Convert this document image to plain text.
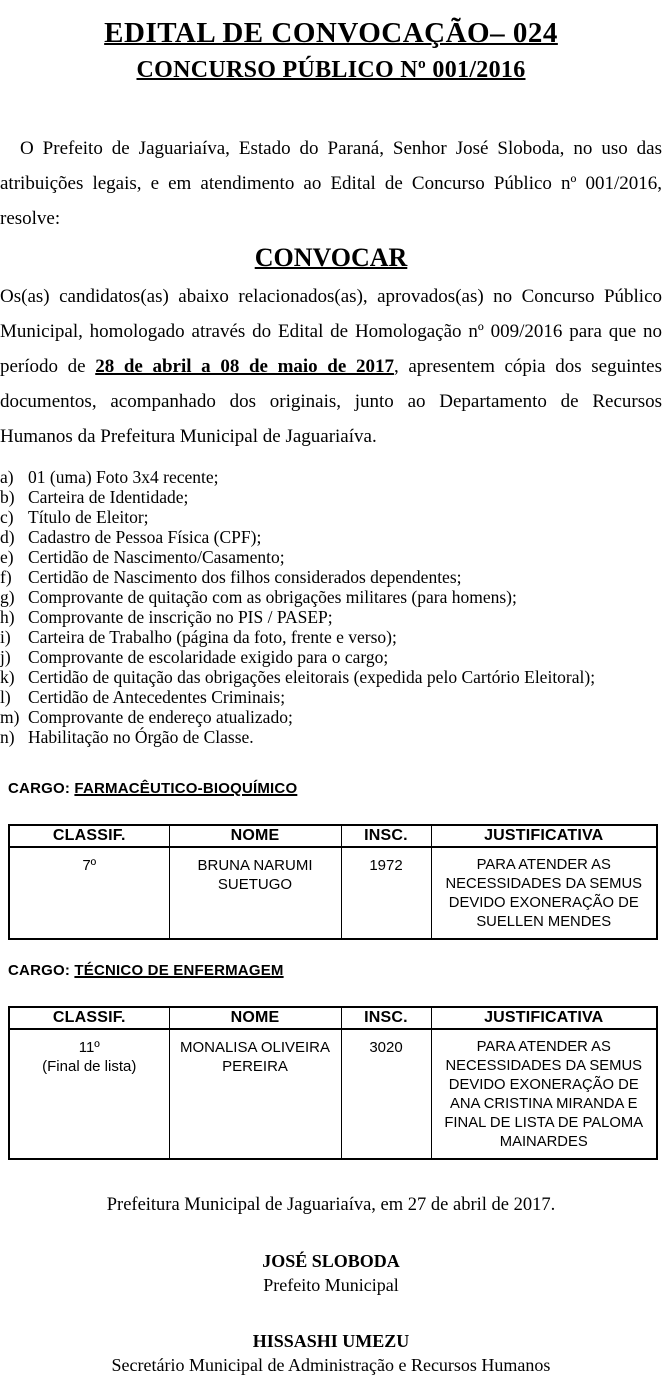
EDITAL DE CONVOCAÇÃO– 024
CONCURSO PÚBLICO Nº 001/2016

O Prefeito de Jaguariaíva, Estado do Paraná, Senhor José Sloboda, no uso das atribuições legais, e em atendimento ao Edital de Concurso Público nº 001/2016, resolve:

CONVOCAR

Os(as) candidatos(as) abaixo relacionados(as), aprovados(as) no Concurso Público Municipal, homologado através do Edital de Homologação nº 009/2016 para que no período de 28 de abril a 08 de maio de 2017, apresentem cópia dos seguintes documentos, acompanhado dos originais, junto ao Departamento de Recursos Humanos da Prefeitura Municipal de Jaguariaíva.

a) 01 (uma) Foto 3x4 recente;
b) Carteira de Identidade;
c) Título de Eleitor;
d) Cadastro de Pessoa Física (CPF);
e) Certidão de Nascimento/Casamento;
f) Certidão de Nascimento dos filhos considerados dependentes;
g) Comprovante de quitação com as obrigações militares (para homens);
h) Comprovante de inscrição no PIS / PASEP;
i) Carteira de Trabalho (página da foto, frente e verso);
j) Comprovante de escolaridade exigido para o cargo;
k) Certidão de quitação das obrigações eleitorais (expedida pelo Cartório Eleitoral);
l) Certidão de Antecedentes Criminais;
m) Comprovante de endereço atualizado;
n) Habilitação no Órgão de Classe.
CARGO: FARMACÊUTICO-BIOQUÍMICO
CLASSIF.	NOME	INSC.	JUSTIFICATIVA

7º	BRUNA NARUMI SUETUGO	1972	PARA ATENDER AS NECESSIDADES DA SEMUS DEVIDO EXONERAÇÃO DE SUELLEN MENDES
CARGO: TÉCNICO DE ENFERMAGEM
CLASSIF.	NOME	INSC.	JUSTIFICATIVA

11º
(Final de lista)	MONALISA OLIVEIRA PEREIRA	3020	PARA ATENDER AS NECESSIDADES DA SEMUS DEVIDO EXONERAÇÃO DE ANA CRISTINA MIRANDA E FINAL DE LISTA DE PALOMA MAINARDES

Prefeitura Municipal de Jaguariaíva, em 27 de abril de 2017.

JOSÉ SLOBODA
Prefeito Municipal
HISSASHI UMEZU
Secretário Municipal de Administração e Recursos Humanos
